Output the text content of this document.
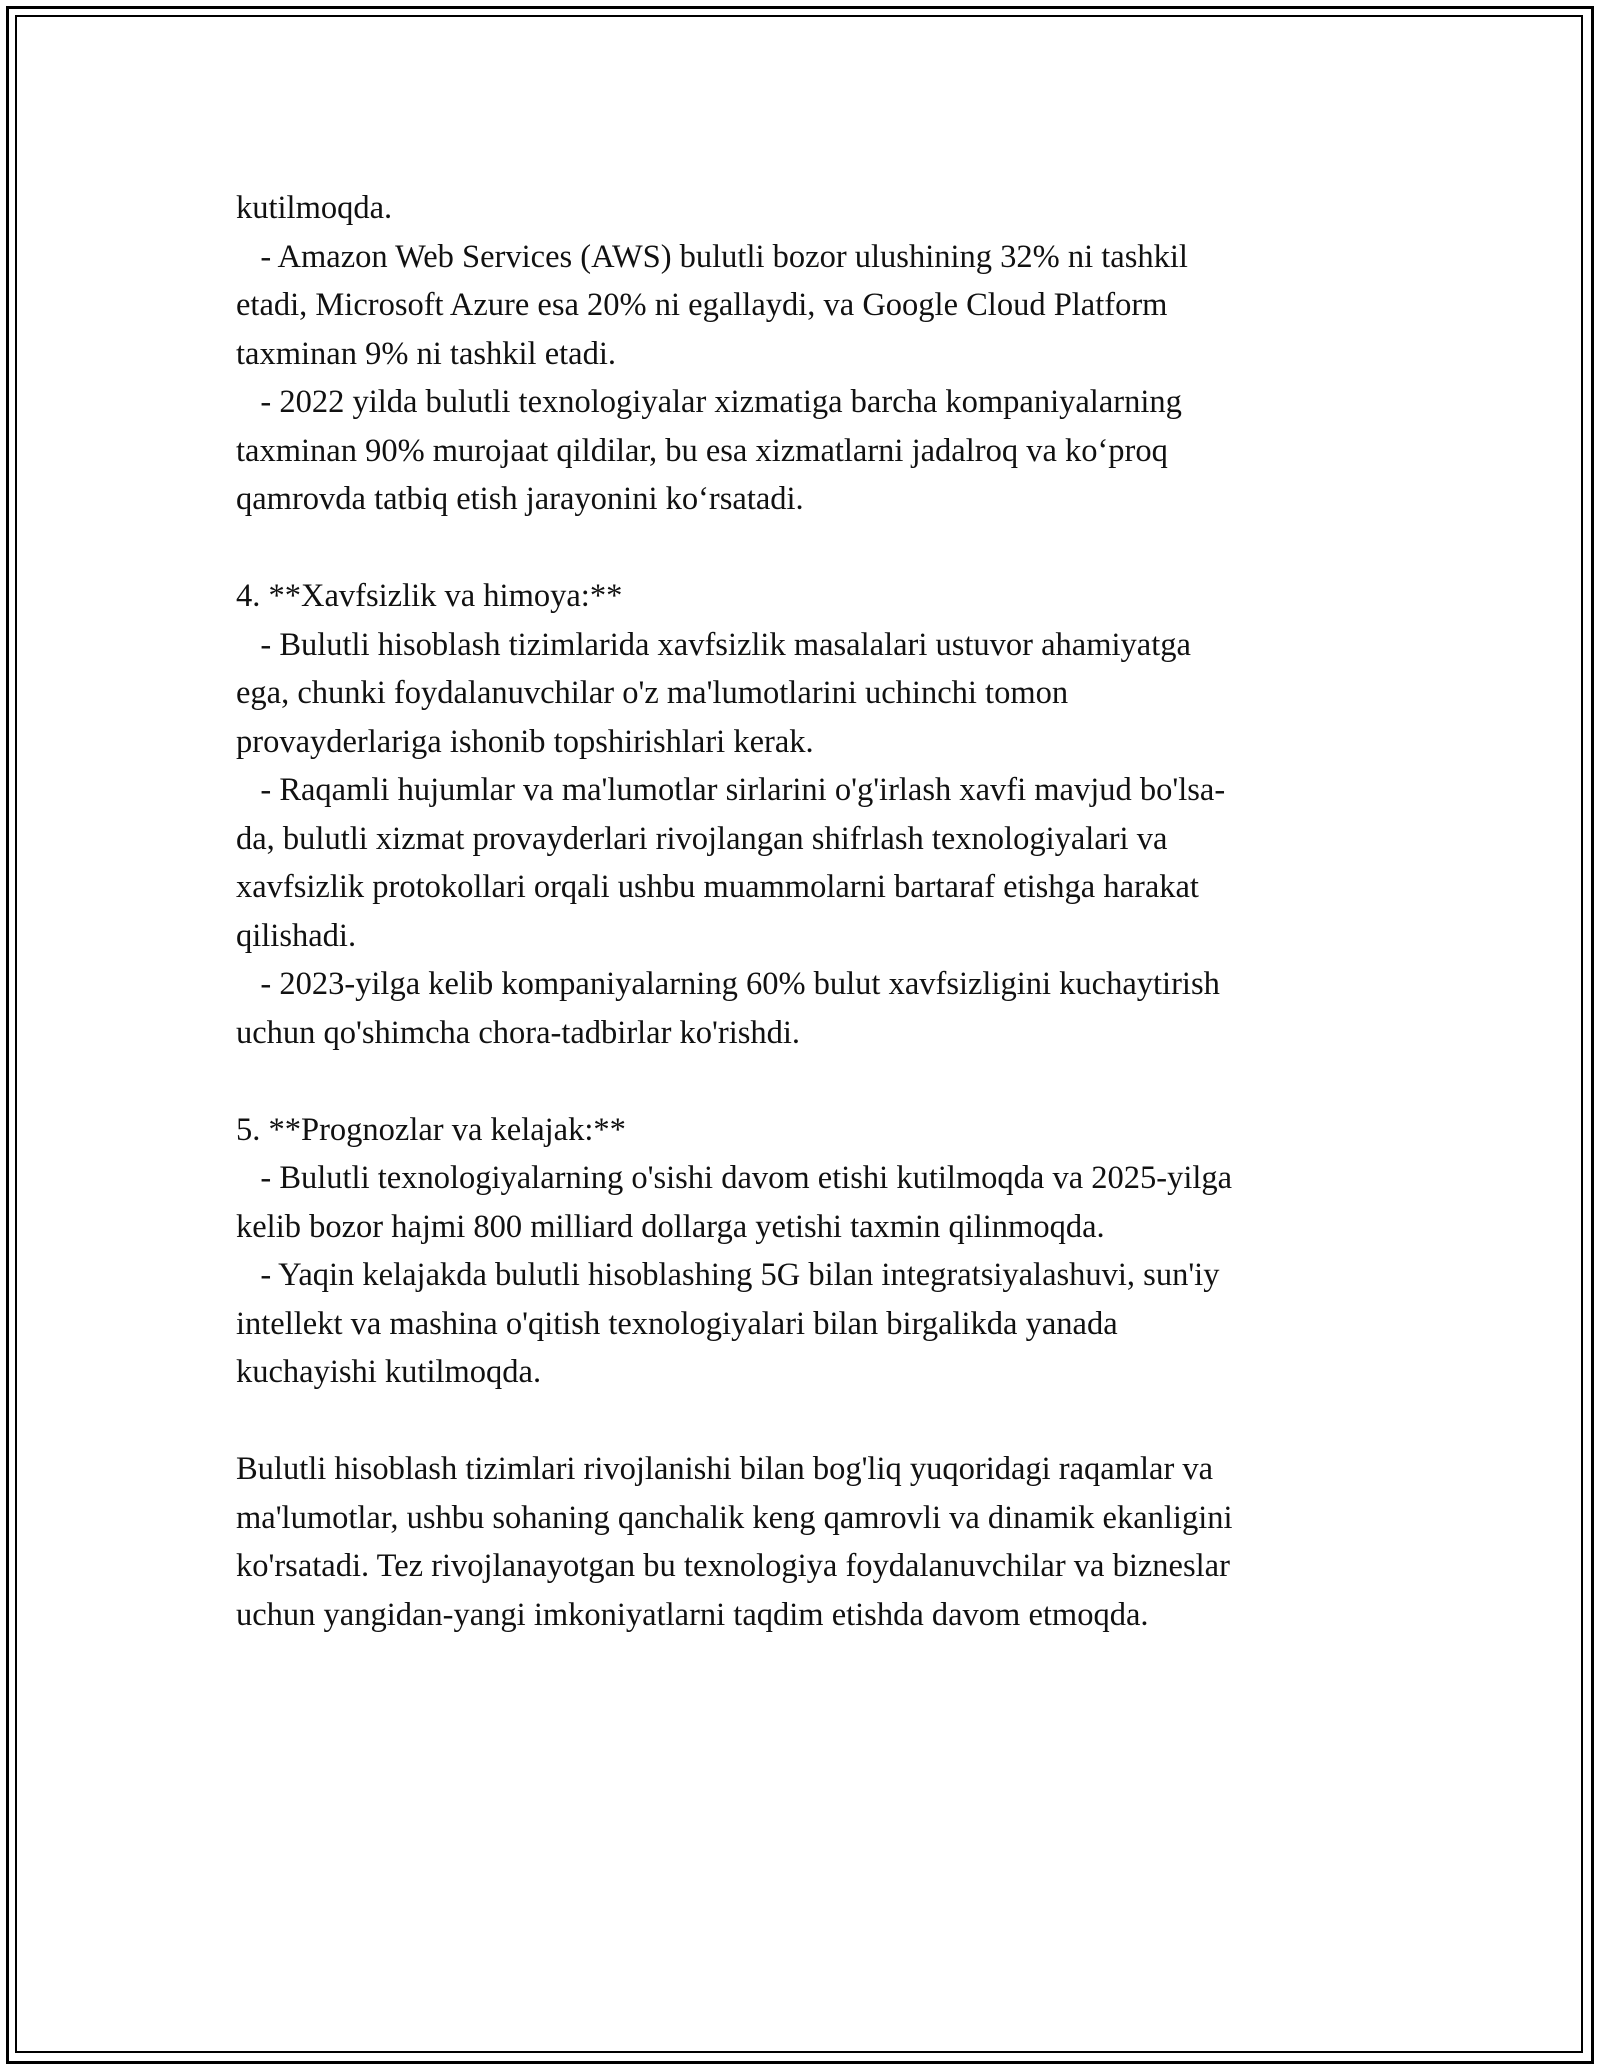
kutilmoqda.
- Amazon Web Services (AWS) bulutli bozor ulushining 32% ni tashkil
etadi, Microsoft Azure esa 20% ni egallaydi, va Google Cloud Platform
taxminan 9% ni tashkil etadi.
- 2022 yilda bulutli texnologiyalar xizmatiga barcha kompaniyalarning
taxminan 90% murojaat qildilar, bu esa xizmatlarni jadalroq va ko‘proq
qamrovda tatbiq etish jarayonini ko‘rsatadi.
4. **Xavfsizlik va himoya:**
- Bulutli hisoblash tizimlarida xavfsizlik masalalari ustuvor ahamiyatga
ega, chunki foydalanuvchilar o'z ma'lumotlarini uchinchi tomon
provayderlariga ishonib topshirishlari kerak.
- Raqamli hujumlar va ma'lumotlar sirlarini o'g'irlash xavfi mavjud bo'lsa-
da, bulutli xizmat provayderlari rivojlangan shifrlash texnologiyalari va
xavfsizlik protokollari orqali ushbu muammolarni bartaraf etishga harakat
qilishadi.
- 2023-yilga kelib kompaniyalarning 60% bulut xavfsizligini kuchaytirish
uchun qo'shimcha chora-tadbirlar ko'rishdi.
5. **Prognozlar va kelajak:**
- Bulutli texnologiyalarning o'sishi davom etishi kutilmoqda va 2025-yilga
kelib bozor hajmi 800 milliard dollarga yetishi taxmin qilinmoqda.
- Yaqin kelajakda bulutli hisoblashing 5G bilan integratsiyalashuvi, sun'iy
intellekt va mashina o'qitish texnologiyalari bilan birgalikda yanada
kuchayishi kutilmoqda.
Bulutli hisoblash tizimlari rivojlanishi bilan bog'liq yuqoridagi raqamlar va
ma'lumotlar, ushbu sohaning qanchalik keng qamrovli va dinamik ekanligini
ko'rsatadi. Tez rivojlanayotgan bu texnologiya foydalanuvchilar va bizneslar
uchun yangidan-yangi imkoniyatlarni taqdim etishda davom etmoqda.
